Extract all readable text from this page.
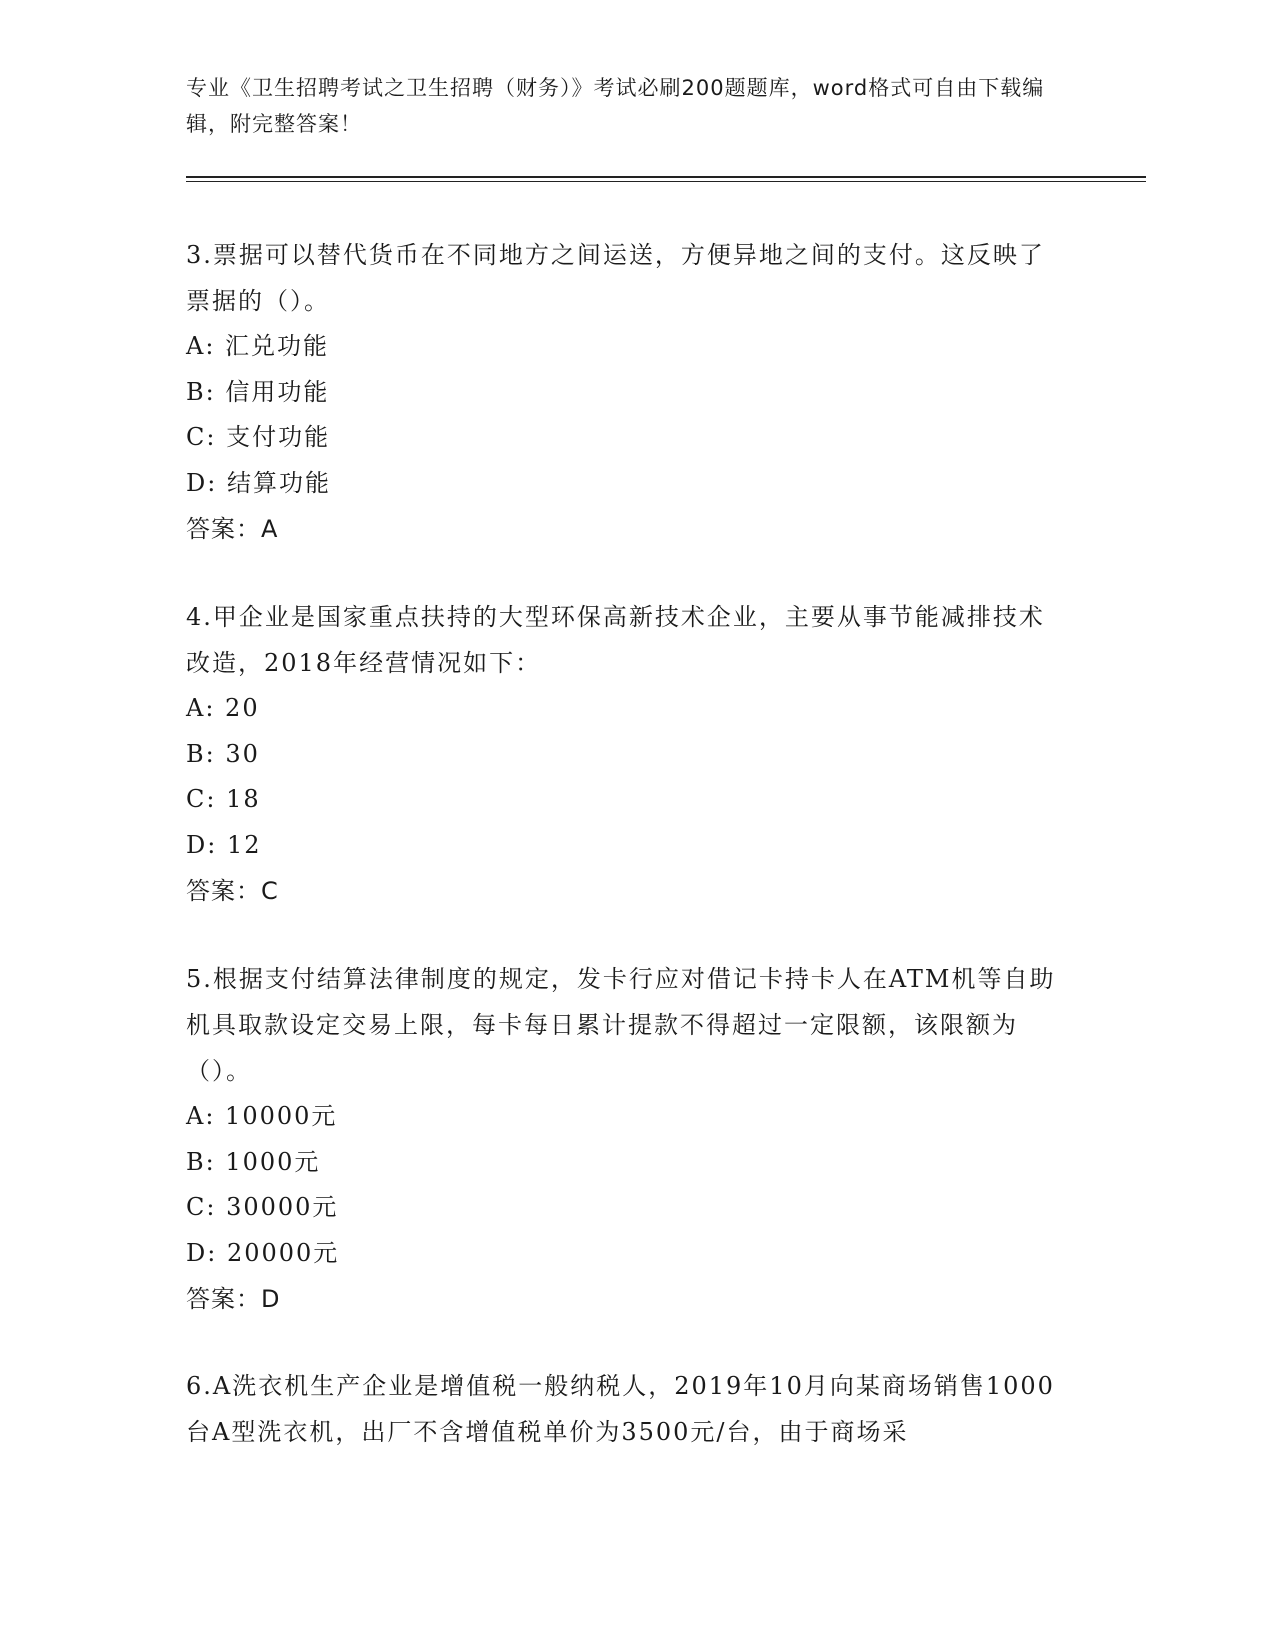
专业《卫生招聘考试之卫生招聘（财务）》考试必刷200题题库，word格式可自由下载编辑，附完整答案！

3.票据可以替代货币在不同地方之间运送，方便异地之间的支付。这反映了票据的（）。

A: 汇兑功能

B: 信用功能

C: 支付功能

D: 结算功能

答案：A

4.甲企业是国家重点扶持的大型环保高新技术企业，主要从事节能减排技术改造，2018年经营情况如下：

A: 20

B: 30

C: 18

D: 12

答案：C

5.根据支付结算法律制度的规定，发卡行应对借记卡持卡人在ATM机等自助机具取款设定交易上限，每卡每日累计提款不得超过一定限额，该限额为（）。

A: 10000元

B: 1000元

C: 30000元

D: 20000元

答案：D

6.A洗衣机生产企业是增值税一般纳税人，2019年10月向某商场销售1000台A型洗衣机，出厂不含增值税单价为3500元/台，由于商场采
